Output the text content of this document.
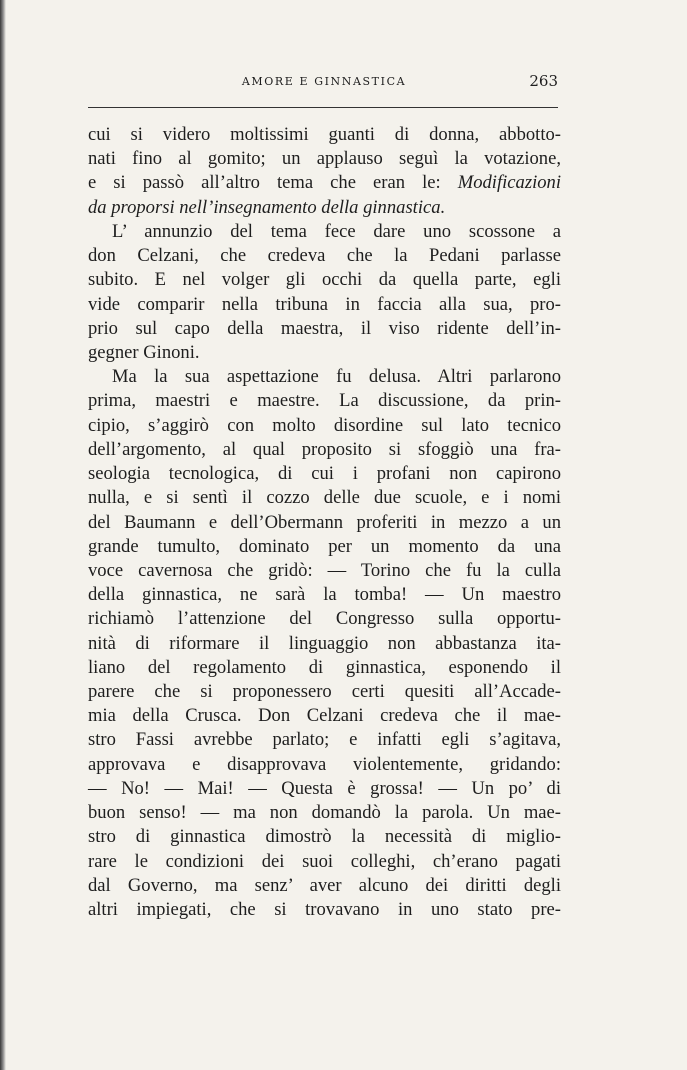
AMORE E GINNASTICA	263
cui si videro moltissimi guanti di donna, abbotto-
nati fino al gomito; un applauso seguì la votazione,
e si passò all’altro tema che eran le: Modificazioni
da proporsi nell’insegnamento della ginnastica.
L’ annunzio del tema fece dare uno scossone a
don Celzani, che credeva che la Pedani parlasse
subito. E nel volger gli occhi da quella parte, egli
vide comparir nella tribuna in faccia alla sua, pro-
prio sul capo della maestra, il viso ridente dell’in-
gegner Ginoni.
Ma la sua aspettazione fu delusa. Altri parlarono
prima, maestri e maestre. La discussione, da prin-
cipio, s’aggirò con molto disordine sul lato tecnico
dell’argomento, al qual proposito si sfoggiò una fra-
seologia tecnologica, di cui i profani non capirono
nulla, e si sentì il cozzo delle due scuole, e i nomi
del Baumann e dell’Obermann proferiti in mezzo a un
grande tumulto, dominato per un momento da una
voce cavernosa che gridò: — Torino che fu la culla
della ginnastica, ne sarà la tomba! — Un maestro
richiamò l’attenzione del Congresso sulla opportu-
nità di riformare il linguaggio non abbastanza ita-
liano del regolamento di ginnastica, esponendo il
parere che si proponessero certi quesiti all’Accade-
mia della Crusca. Don Celzani credeva che il mae-
stro Fassi avrebbe parlato; e infatti egli s’agitava,
approvava e disapprovava violentemente, gridando:
— No! — Mai! — Questa è grossa! — Un po’ di
buon senso! — ma non domandò la parola. Un mae-
stro di ginnastica dimostrò la necessità di miglio-
rare le condizioni dei suoi colleghi, ch’erano pagati
dal Governo, ma senz’ aver alcuno dei diritti degli
altri impiegati, che si trovavano in uno stato pre-
